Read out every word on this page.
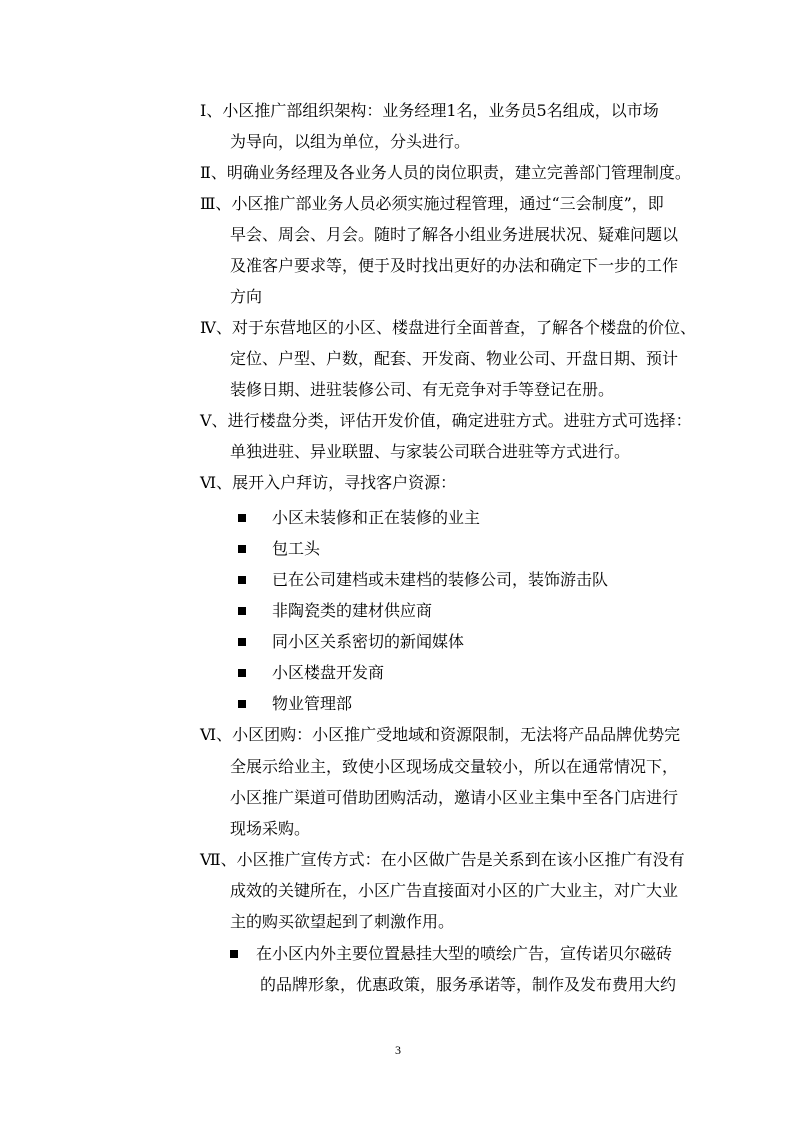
Ⅰ、小区推广部组织架构：业务经理1名，业务员5名组成，以市场
为导向，以组为单位，分头进行。
Ⅱ、明确业务经理及各业务人员的岗位职责，建立完善部门管理制度。
Ⅲ、小区推广部业务人员必须实施过程管理，通过“三会制度”，即
早会、周会、月会。随时了解各小组业务进展状况、疑难问题以
及准客户要求等，便于及时找出更好的办法和确定下一步的工作
方向
Ⅳ、对于东营地区的小区、楼盘进行全面普查，了解各个楼盘的价位、
定位、户型、户数，配套、开发商、物业公司、开盘日期、预计
装修日期、进驻装修公司、有无竞争对手等登记在册。
Ⅴ、进行楼盘分类，评估开发价值，确定进驻方式。进驻方式可选择：
单独进驻、异业联盟、与家装公司联合进驻等方式进行。
Ⅵ、展开入户拜访，寻找客户资源：
小区未装修和正在装修的业主
包工头
已在公司建档或未建档的装修公司，装饰游击队
非陶瓷类的建材供应商
同小区关系密切的新闻媒体
小区楼盘开发商
物业管理部
Ⅵ、小区团购：小区推广受地域和资源限制，无法将产品品牌优势完
全展示给业主，致使小区现场成交量较小，所以在通常情况下，
小区推广渠道可借助团购活动，邀请小区业主集中至各门店进行
现场采购。
Ⅶ、小区推广宣传方式：在小区做广告是关系到在该小区推广有没有
成效的关键所在，小区广告直接面对小区的广大业主，对广大业
主的购买欲望起到了刺激作用。
在小区内外主要位置悬挂大型的喷绘广告，宣传诺贝尔磁砖
的品牌形象，优惠政策，服务承诺等，制作及发布费用大约
3
